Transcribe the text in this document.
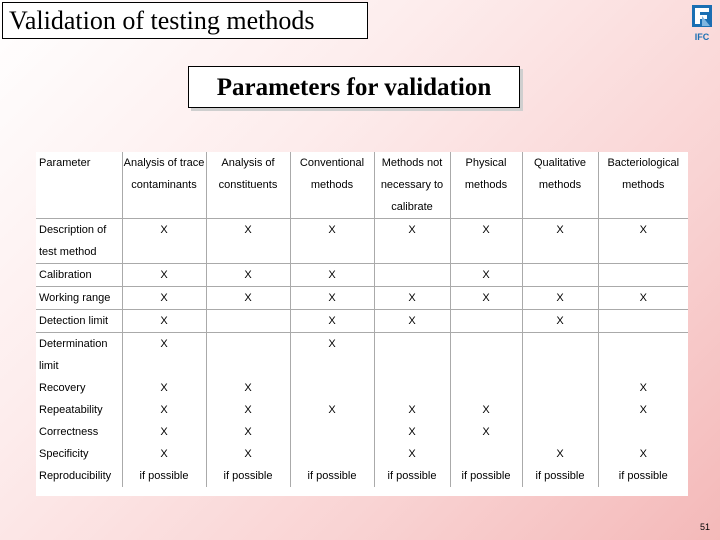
Validation of testing methods
IFC
Parameters for validation
Parameter	Analysis of trace contaminants	Analysis of constituents	Conventional methods	Methods not necessary to calibrate	Physical methods	Qualitative methods	Bacteriological methods
Description of test method	X	X	X	X	X	X	X
Calibration	X	X	X		X		
Working range	X	X	X	X	X	X	X
Detection limit	X		X	X		X	
Determination limit	X		X				
Recovery	X	X					X
Repeatability	X	X	X	X	X		X
Correctness	X	X		X	X		
Specificity	X	X		X		X	X
Reproducibility	if possible	if possible	if possible	if possible	if possible	if possible	if possible
51
